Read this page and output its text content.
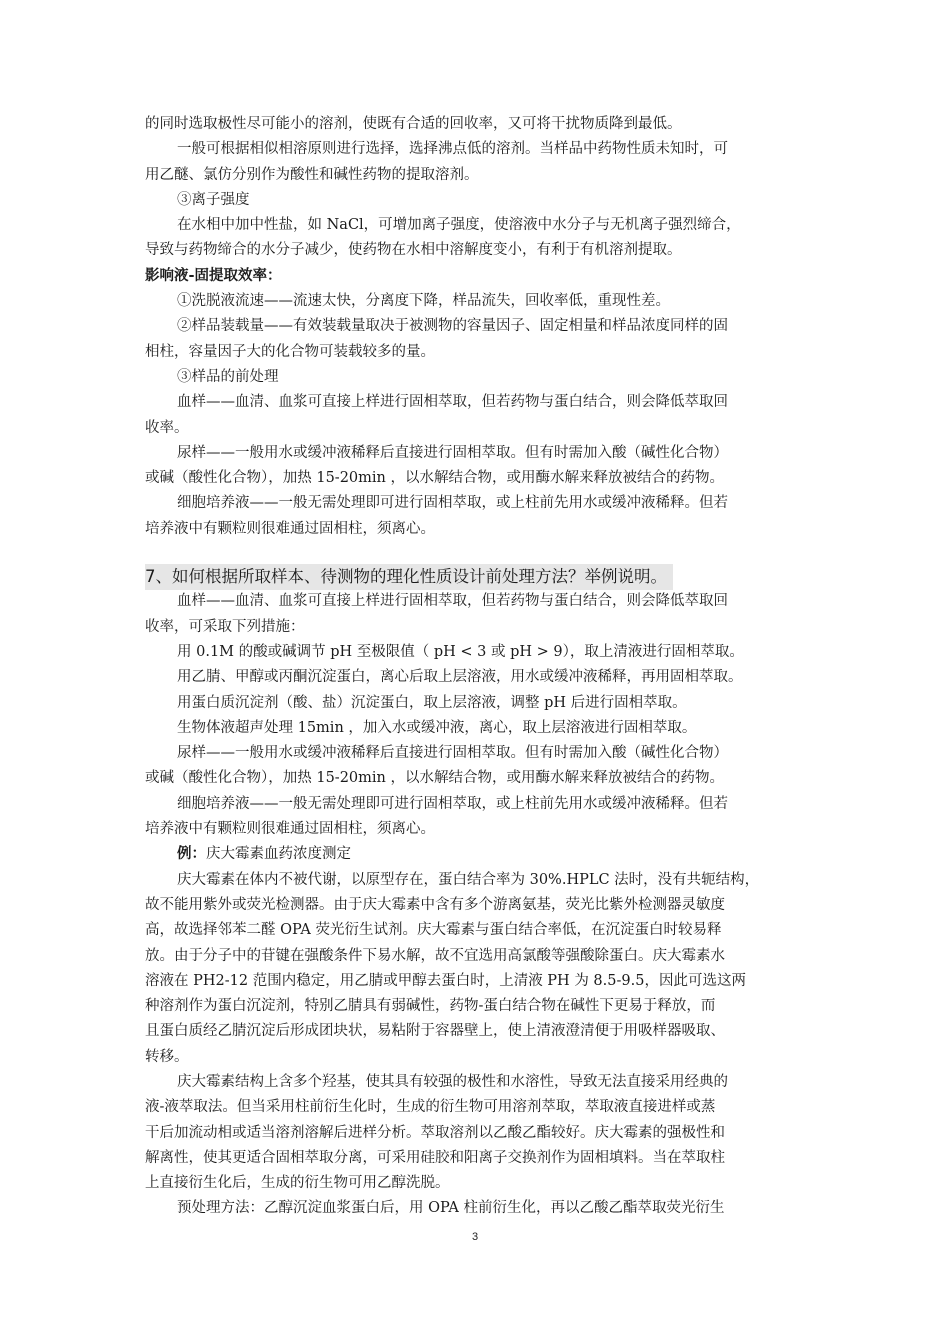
的同时选取极性尽可能小的溶剂，使既有合适的回收率，又可将干扰物质降到最低。
一般可根据相似相溶原则进行选择，选择沸点低的溶剂。当样品中药物性质未知时，可
用乙醚、氯仿分别作为酸性和碱性药物的提取溶剂。
③离子强度
在水相中加中性盐，如 NaCl，可增加离子强度，使溶液中水分子与无机离子强烈缔合，
导致与药物缔合的水分子减少，使药物在水相中溶解度变小，有利于有机溶剂提取。
影响液-固提取效率：
①洗脱液流速——流速太快，分离度下降，样品流失，回收率低，重现性差。
②样品装载量——有效装载量取决于被测物的容量因子、固定相量和样品浓度同样的固
相柱，容量因子大的化合物可装载较多的量。
③样品的前处理
血样——血清、血浆可直接上样进行固相萃取，但若药物与蛋白结合，则会降低萃取回
收率。
尿样——一般用水或缓冲液稀释后直接进行固相萃取。但有时需加入酸（碱性化合物）
或碱（酸性化合物），加热 15-20min ，以水解结合物，或用酶水解来释放被结合的药物。
细胞培养液——一般无需处理即可进行固相萃取，或上柱前先用水或缓冲液稀释。但若
培养液中有颗粒则很难通过固相柱，须离心。
7、如何根据所取样本、待测物的理化性质设计前处理方法？举例说明。
血样——血清、血浆可直接上样进行固相萃取，但若药物与蛋白结合，则会降低萃取回
收率，可采取下列措施：
用 0.1M 的酸或碱调节 pH 至极限值（ pH < 3 或 pH > 9），取上清液进行固相萃取。
用乙腈、甲醇或丙酮沉淀蛋白，离心后取上层溶液，用水或缓冲液稀释，再用固相萃取。
用蛋白质沉淀剂（酸、盐）沉淀蛋白，取上层溶液，调整 pH 后进行固相萃取。
生物体液超声处理 15min ，加入水或缓冲液，离心，取上层溶液进行固相萃取。
尿样——一般用水或缓冲液稀释后直接进行固相萃取。但有时需加入酸（碱性化合物）
或碱（酸性化合物），加热 15-20min ，以水解结合物，或用酶水解来释放被结合的药物。
细胞培养液——一般无需处理即可进行固相萃取，或上柱前先用水或缓冲液稀释。但若
培养液中有颗粒则很难通过固相柱，须离心。
例：庆大霉素血药浓度测定
庆大霉素在体内不被代谢，以原型存在，蛋白结合率为 30%.HPLC 法时，没有共轭结构，
故不能用紫外或荧光检测器。由于庆大霉素中含有多个游离氨基，荧光比紫外检测器灵敏度
高，故选择邻苯二醛 OPA 荧光衍生试剂。庆大霉素与蛋白结合率低，在沉淀蛋白时较易释
放。由于分子中的苷键在强酸条件下易水解，故不宜选用高氯酸等强酸除蛋白。庆大霉素水
溶液在 PH2-12 范围内稳定，用乙腈或甲醇去蛋白时，上清液 PH 为 8.5-9.5，因此可选这两
种溶剂作为蛋白沉淀剂，特别乙腈具有弱碱性，药物-蛋白结合物在碱性下更易于释放，而
且蛋白质经乙腈沉淀后形成团块状，易粘附于容器壁上，使上清液澄清便于用吸样器吸取、
转移。
庆大霉素结构上含多个羟基，使其具有较强的极性和水溶性，导致无法直接采用经典的
液-液萃取法。但当采用柱前衍生化时，生成的衍生物可用溶剂萃取，萃取液直接进样或蒸
干后加流动相或适当溶剂溶解后进样分析。萃取溶剂以乙酸乙酯较好。庆大霉素的强极性和
解离性，使其更适合固相萃取分离，可采用硅胶和阳离子交换剂作为固相填料。当在萃取柱
上直接衍生化后，生成的衍生物可用乙醇洗脱。
预处理方法：乙醇沉淀血浆蛋白后，用 OPA 柱前衍生化，再以乙酸乙酯萃取荧光衍生
3
